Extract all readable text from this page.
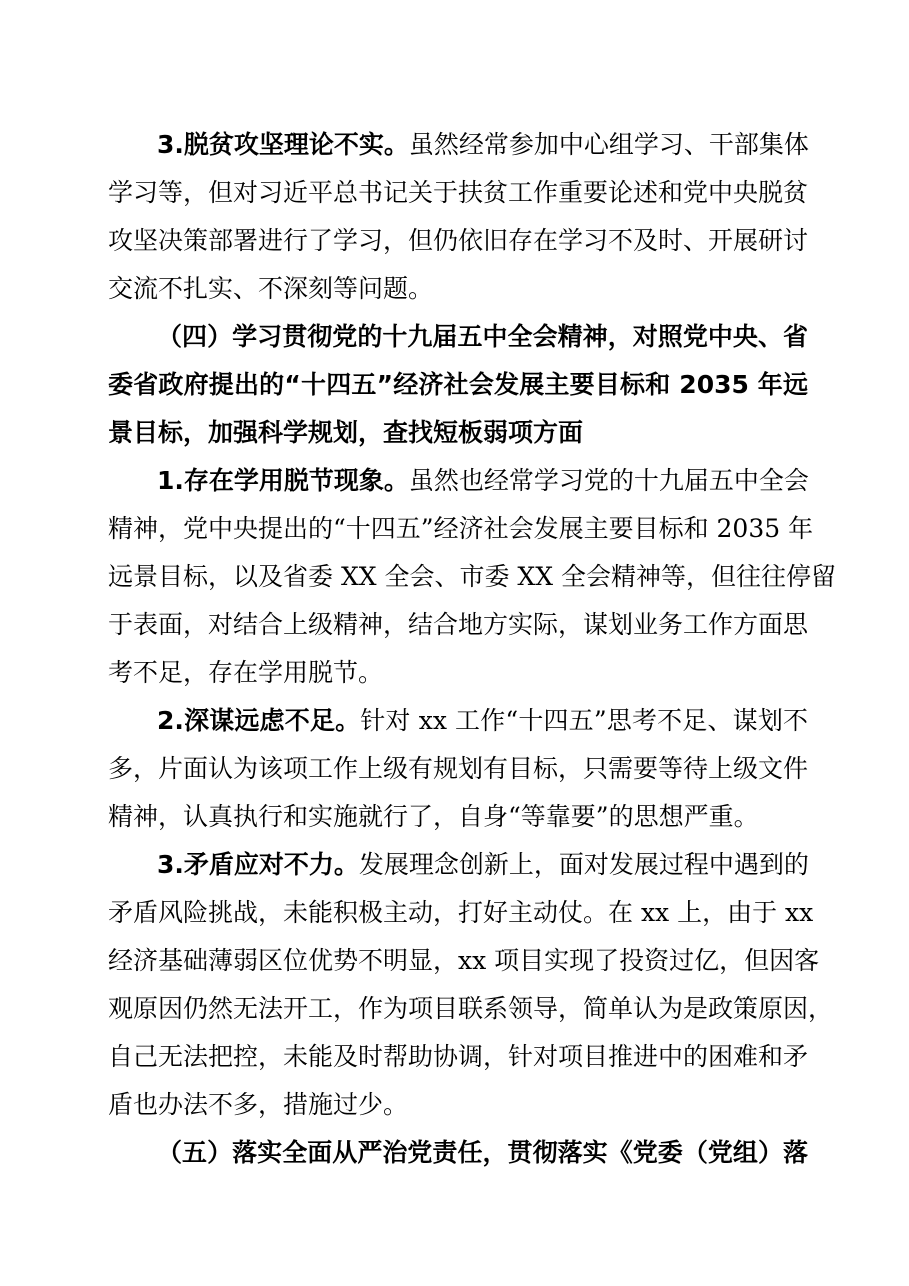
3.脱贫攻坚理论不实。虽然经常参加中心组学习、干部集体
学习等，但对习近平总书记关于扶贫工作重要论述和党中央脱贫
攻坚决策部署进行了学习，但仍依旧存在学习不及时、开展研讨
交流不扎实、不深刻等问题。
（四）学习贯彻党的十九届五中全会精神，对照党中央、省
委省政府提出的“十四五”经济社会发展主要目标和 2035 年远
景目标，加强科学规划，查找短板弱项方面
1.存在学用脱节现象。虽然也经常学习党的十九届五中全会
精神，党中央提出的“十四五”经济社会发展主要目标和 2035 年
远景目标，以及省委 XX 全会、市委 XX 全会精神等，但往往停留
于表面，对结合上级精神，结合地方实际，谋划业务工作方面思
考不足，存在学用脱节。
2.深谋远虑不足。针对 xx 工作“十四五”思考不足、谋划不
多，片面认为该项工作上级有规划有目标，只需要等待上级文件
精神，认真执行和实施就行了，自身“等靠要”的思想严重。
3.矛盾应对不力。发展理念创新上，面对发展过程中遇到的
矛盾风险挑战，未能积极主动，打好主动仗。在 xx 上，由于 xx
经济基础薄弱区位优势不明显，xx 项目实现了投资过亿，但因客
观原因仍然无法开工，作为项目联系领导，简单认为是政策原因，
自己无法把控，未能及时帮助协调，针对项目推进中的困难和矛
盾也办法不多，措施过少。
（五）落实全面从严治党责任，贯彻落实《党委（党组）落
